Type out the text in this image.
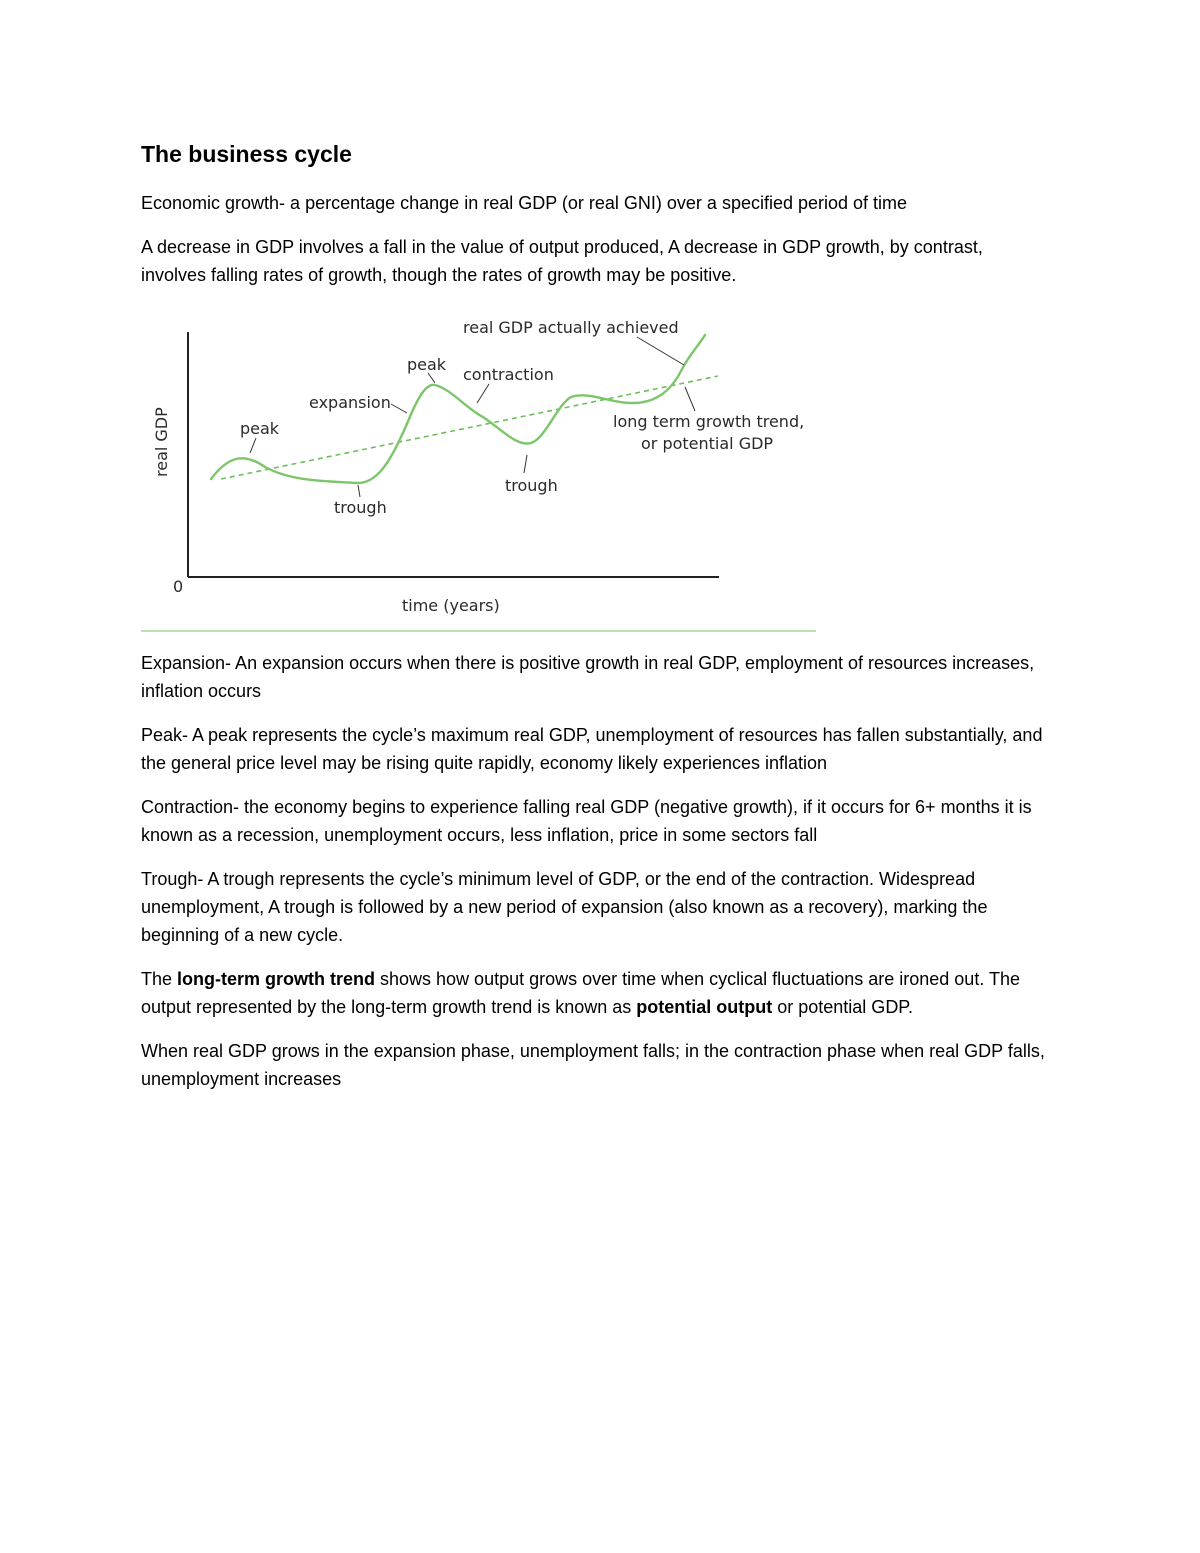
The business cycle

Economic growth- a percentage change in real GDP (or real GNI) over a specified period of time

A decrease in GDP involves a fall in the value of output produced, A decrease in GDP growth, by contrast, involves falling rates of growth, though the rates of growth may be positive.

0
real GDP
time (years)
peak
trough
expansion
peak
contraction
trough
real GDP actually achieved
long term growth trend,
or potential GDP

Expansion- An expansion occurs when there is positive growth in real GDP, employment of resources increases, inflation occurs

Peak- A peak represents the cycle’s maximum real GDP, unemployment of resources has fallen substantially, and the general price level may be rising quite rapidly, economy likely experiences inflation

Contraction- the economy begins to experience falling real GDP (negative growth), if it occurs for 6+ months it is known as a recession, unemployment occurs, less inflation, price in some sectors fall

Trough- A trough represents the cycle’s minimum level of GDP, or the end of the contraction. Widespread unemployment, A trough is followed by a new period of expansion (also known as a recovery), marking the beginning of a new cycle.

The long-term growth trend shows how output grows over time when cyclical fluctuations are ironed out. The output represented by the long-term growth trend is known as potential output or potential GDP.

When real GDP grows in the expansion phase, unemployment falls; in the contraction phase when real GDP falls, unemployment increases
